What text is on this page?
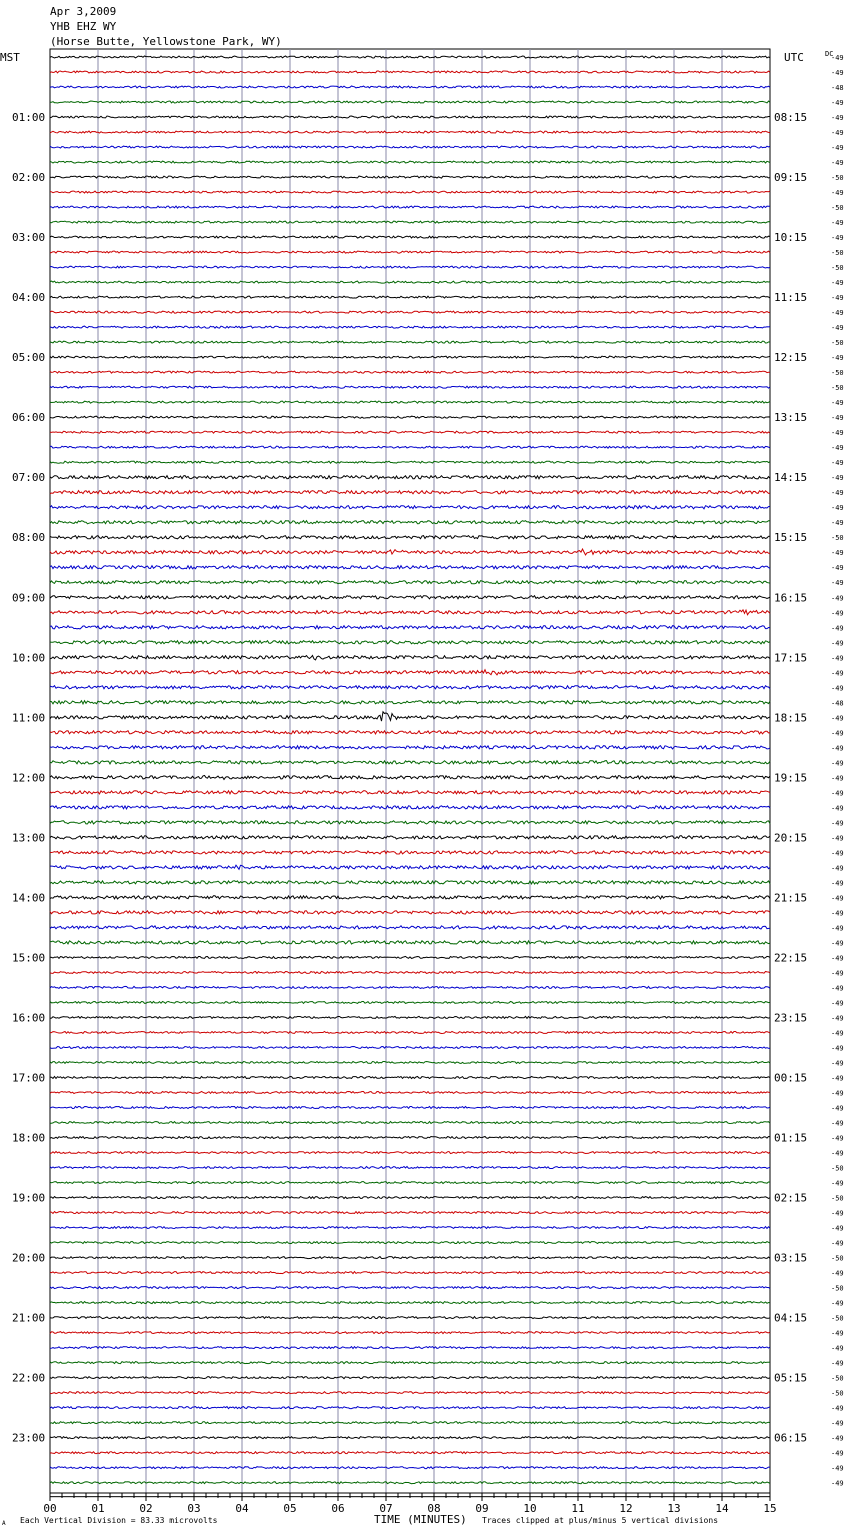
Apr 3,2009
YHB EHZ WY
(Horse Butte, Yellowstone Park, WY)
MST	UTC	DC
TIME (MINUTES)
Each Vertical Division = 83.33 microvolts	Traces clipped at plus/minus 5 vertical divisions
A
-49
-49
-48
-49
-49
-49
-49
-49
-50
-49
-50
-49
-49
-50
-50
-49
-49
-49
-49
-50
-49
-50
-50
-49
-49
-49
-49
-49
-49
-49
-49
-49
-50
-49
-49
-49
-49
-49
-49
-49
-49
-49
-49
-48
-49
-49
-49
-49
-49
-49
-49
-49
-49
-49
-49
-49
-49
-49
-49
-49
-49
-49
-49
-49
-49
-49
-49
-49
-49
-49
-49
-49
-49
-49
-50
-49
-50
-49
-49
-49
-50
-49
-50
-49
-50
-49
-49
-49
-50
-50
-49
-49
-49
-49
-49
-49
01:00	08:15
02:00	09:15
03:00	10:15
04:00	11:15
05:00	12:15
06:00	13:15
07:00	14:15
08:00	15:15
09:00	16:15
10:00	17:15
11:00	18:15
12:00	19:15
13:00	20:15
14:00	21:15
15:00	22:15
16:00	23:15
17:00	00:15
18:00	01:15
19:00	02:15
20:00	03:15
21:00	04:15
22:00	05:15
23:00	06:15
00	01	02	03	04	05	06	07	08	09	10	11	12	13	14	15
